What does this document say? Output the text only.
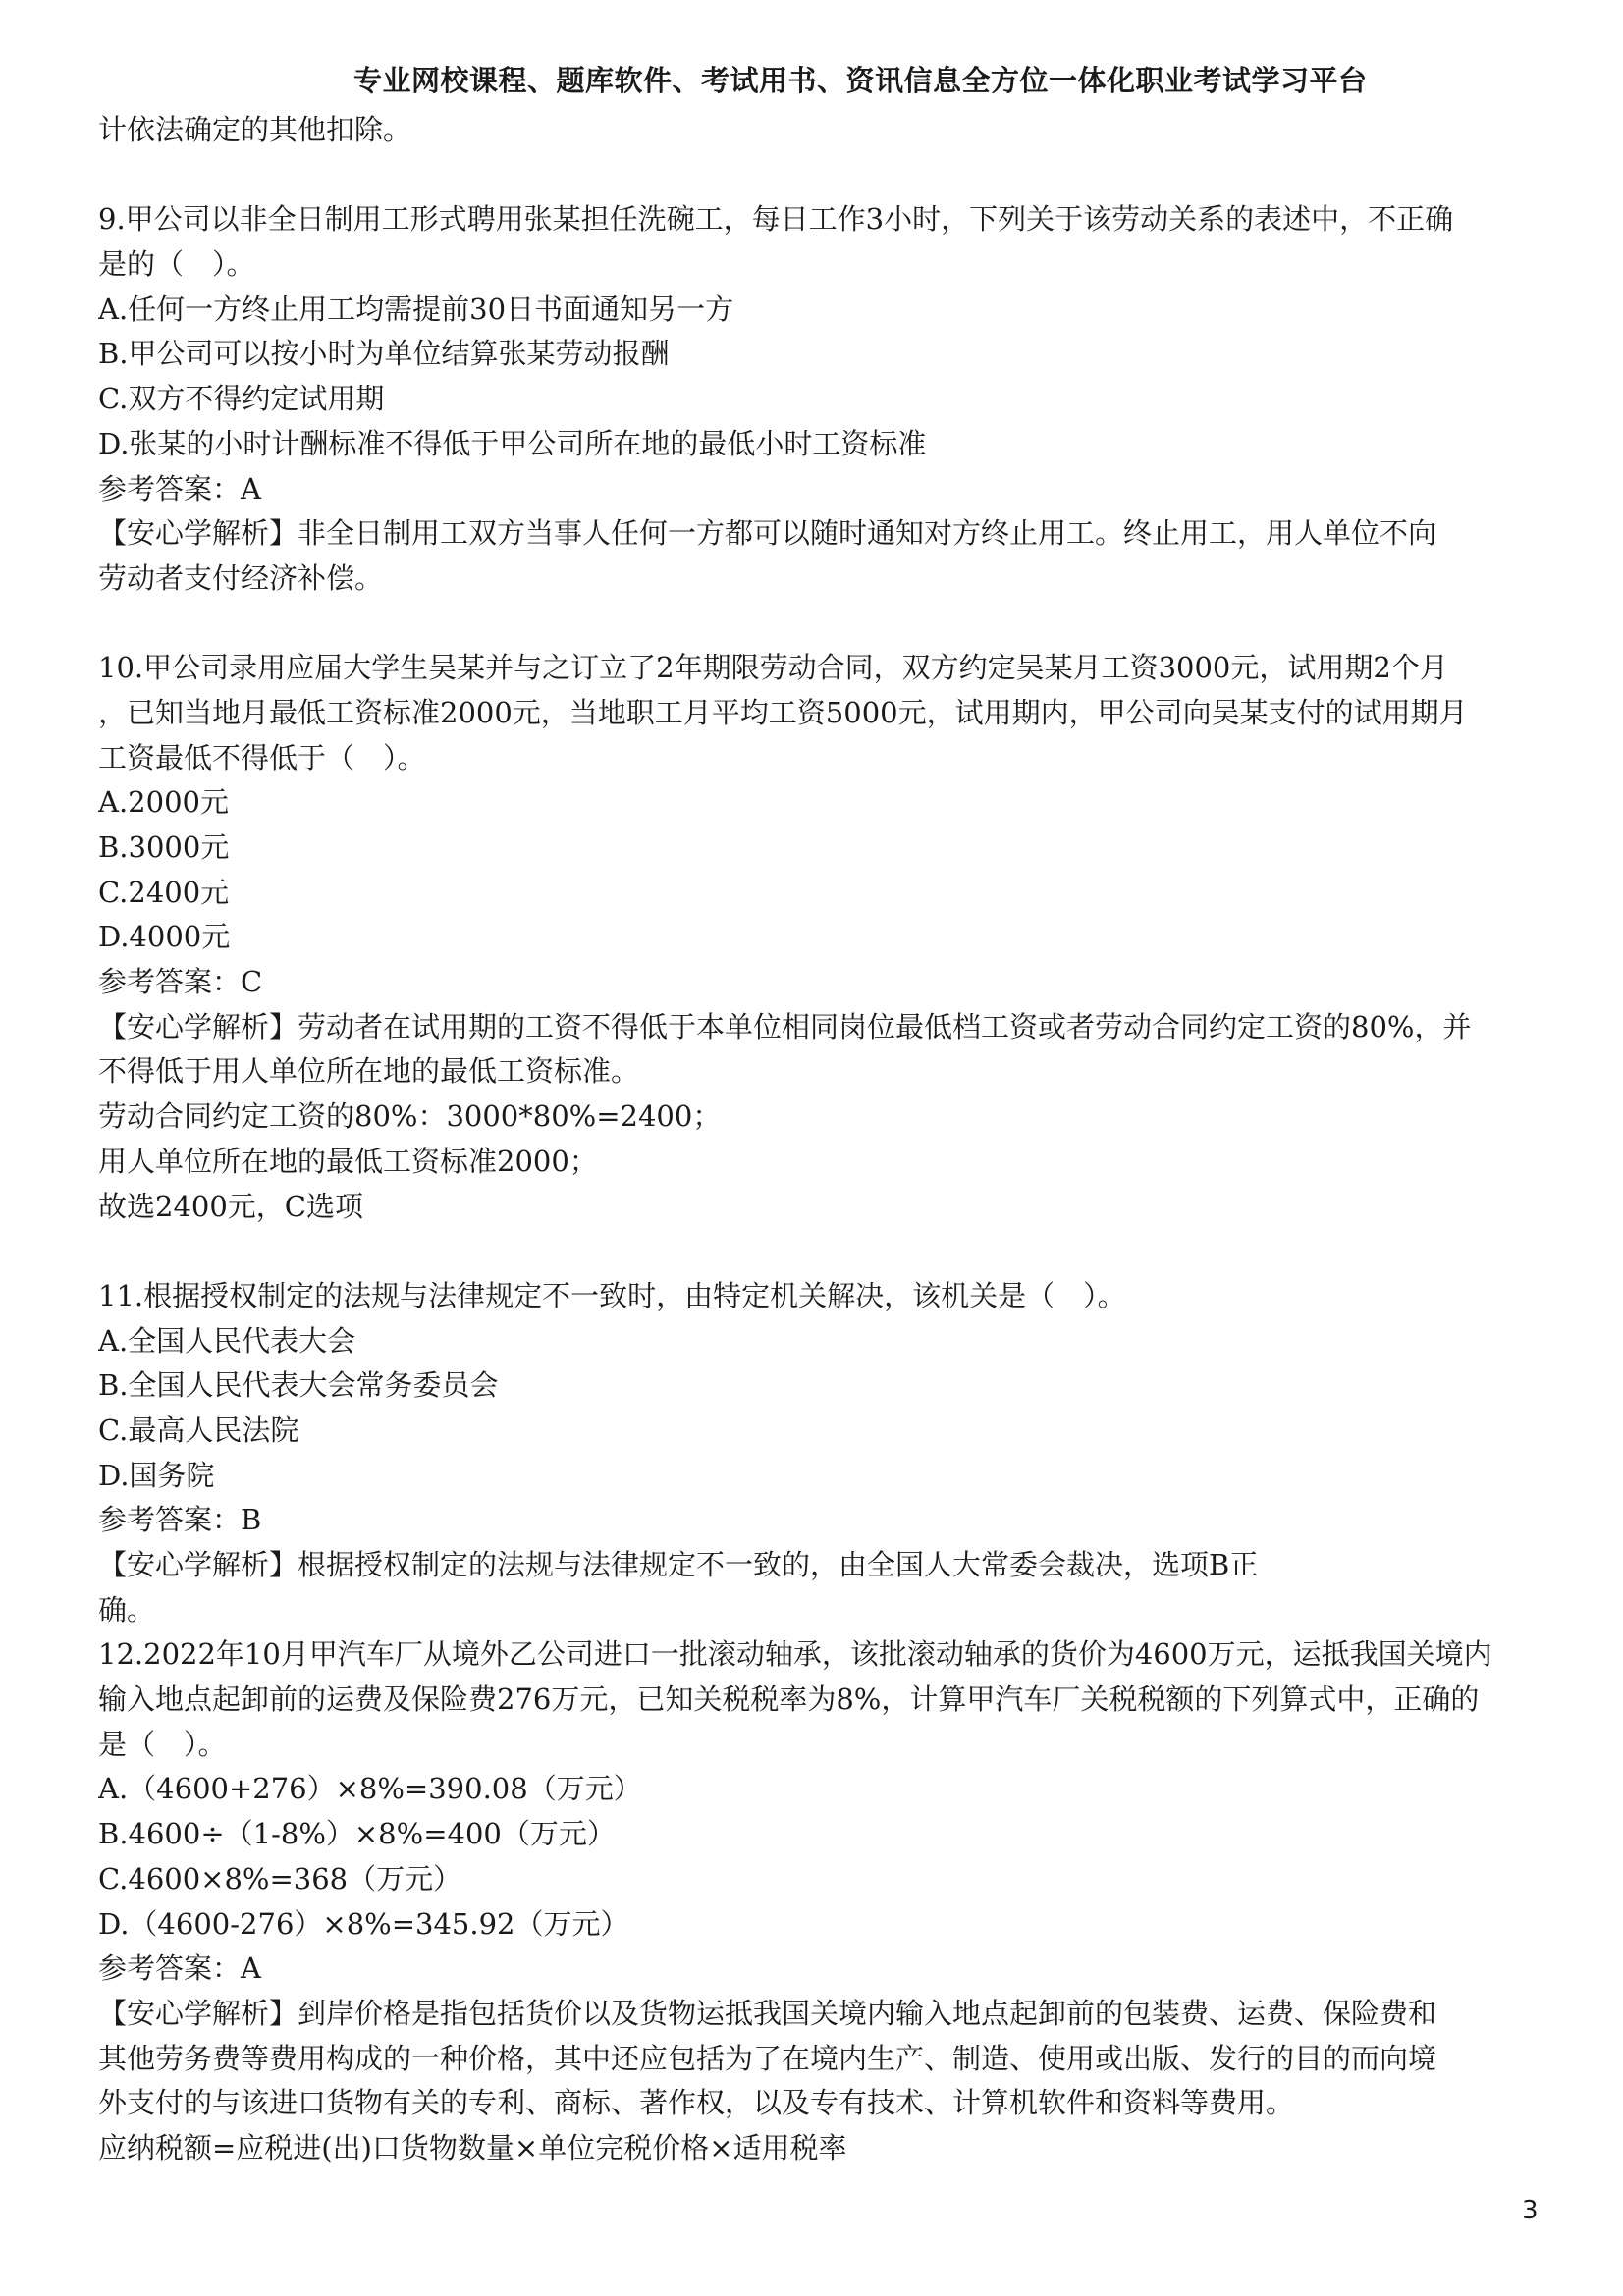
专业网校课程、题库软件、考试用书、资讯信息全方位一体化职业考试学习平台
计依法确定的其他扣除。
9.甲公司以非全日制用工形式聘用张某担任洗碗工，每日工作3小时，下列关于该劳动关系的表述中，不正确
是的（　）。
A.任何一方终止用工均需提前30日书面通知另一方
B.甲公司可以按小时为单位结算张某劳动报酬
C.双方不得约定试用期
D.张某的小时计酬标准不得低于甲公司所在地的最低小时工资标准
参考答案：A
【安心学解析】非全日制用工双方当事人任何一方都可以随时通知对方终止用工。终止用工，用人单位不向
劳动者支付经济补偿。
10.甲公司录用应届大学生吴某并与之订立了2年期限劳动合同，双方约定吴某月工资3000元，试用期2个月
，已知当地月最低工资标准2000元，当地职工月平均工资5000元，试用期内，甲公司向吴某支付的试用期月
工资最低不得低于（　）。
A.2000元
B.3000元
C.2400元
D.4000元
参考答案：C
【安心学解析】劳动者在试用期的工资不得低于本单位相同岗位最低档工资或者劳动合同约定工资的80%，并
不得低于用人单位所在地的最低工资标准。
劳动合同约定工资的80%：3000*80%=2400；
用人单位所在地的最低工资标准2000；
故选2400元，C选项
11.根据授权制定的法规与法律规定不一致时，由特定机关解决，该机关是（　）。
A.全国人民代表大会
B.全国人民代表大会常务委员会
C.最高人民法院
D.国务院
参考答案：B
【安心学解析】根据授权制定的法规与法律规定不一致的，由全国人大常委会裁决，选项B正
确。
12.2022年10月甲汽车厂从境外乙公司进口一批滚动轴承，该批滚动轴承的货价为4600万元，运抵我国关境内
输入地点起卸前的运费及保险费276万元，已知关税税率为8%，计算甲汽车厂关税税额的下列算式中，正确的
是（　）。
A.（4600+276）×8%=390.08（万元）
B.4600÷（1-8%）×8%=400（万元）
C.4600×8%=368（万元）
D.（4600-276）×8%=345.92（万元）
参考答案：A
【安心学解析】到岸价格是指包括货价以及货物运抵我国关境内输入地点起卸前的包装费、运费、保险费和
其他劳务费等费用构成的一种价格，其中还应包括为了在境内生产、制造、使用或出版、发行的目的而向境
外支付的与该进口货物有关的专利、商标、著作权，以及专有技术、计算机软件和资料等费用。
应纳税额=应税进(出)口货物数量×单位完税价格×适用税率
3
